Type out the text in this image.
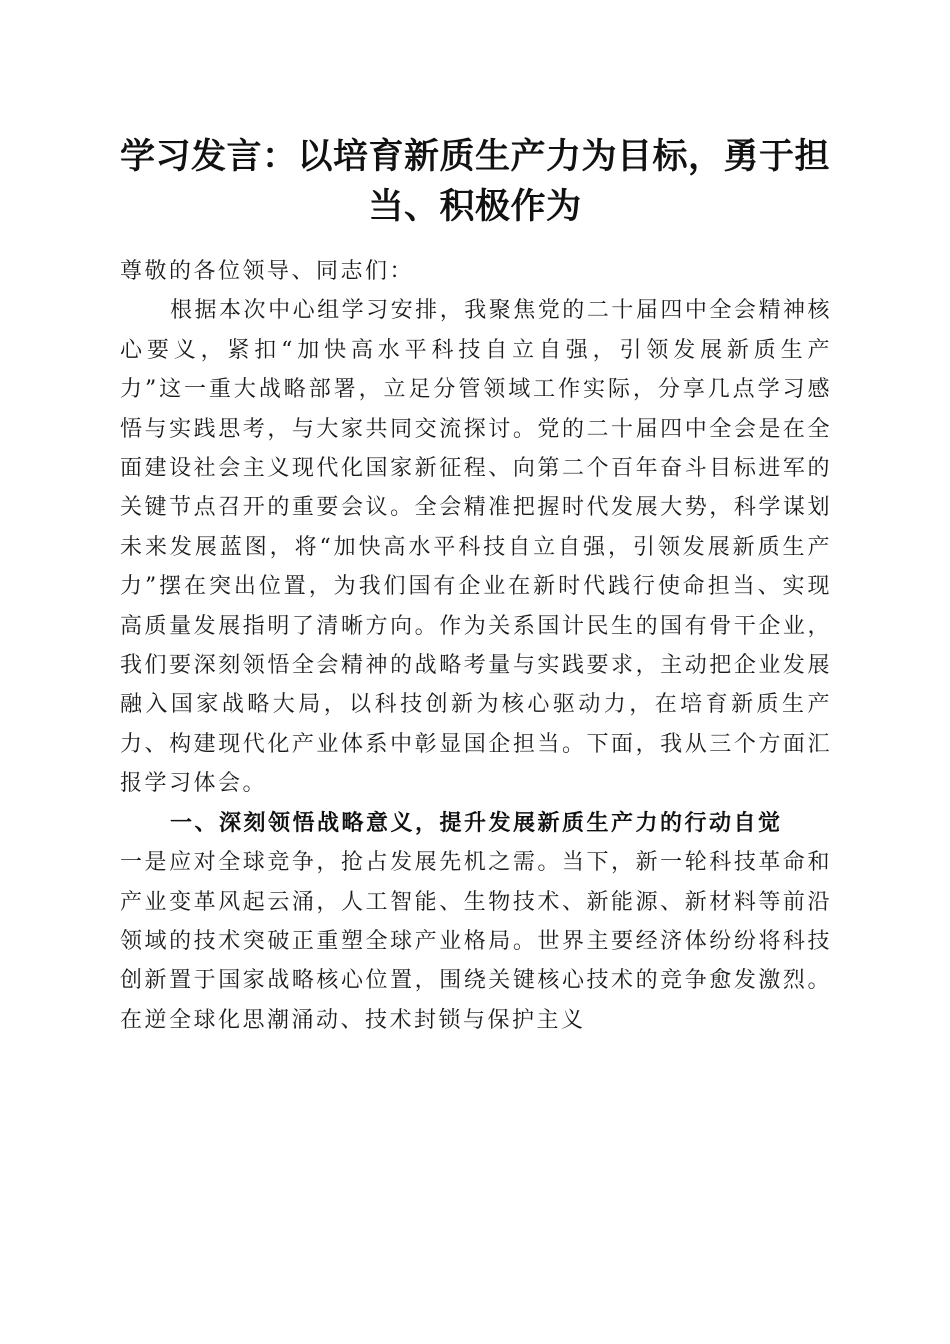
学习发言：以培育新质生产力为目标，勇于担当、积极作为

尊敬的各位领导、同志们：

根据本次中心组学习安排，我聚焦党的二十届四中全会精神核心要义，紧扣“加快高水平科技自立自强，引领发展新质生产力”这一重大战略部署，立足分管领域工作实际，分享几点学习感悟与实践思考，与大家共同交流探讨。党的二十届四中全会是在全面建设社会主义现代化国家新征程、向第二个百年奋斗目标进军的关键节点召开的重要会议。全会精准把握时代发展大势，科学谋划未来发展蓝图，将“加快高水平科技自立自强，引领发展新质生产力”摆在突出位置，为我们国有企业在新时代践行使命担当、实现高质量发展指明了清晰方向。作为关系国计民生的国有骨干企业，我们要深刻领悟全会精神的战略考量与实践要求，主动把企业发展融入国家战略大局，以科技创新为核心驱动力，在培育新质生产力、构建现代化产业体系中彰显国企担当。下面，我从三个方面汇报学习体会。

一、深刻领悟战略意义，提升发展新质生产力的行动自觉

一是应对全球竞争，抢占发展先机之需。当下，新一轮科技革命和产业变革风起云涌，人工智能、生物技术、新能源、新材料等前沿领域的技术突破正重塑全球产业格局。世界主要经济体纷纷将科技创新置于国家战略核心位置，围绕关键核心技术的竞争愈发激烈。在逆全球化思潮涌动、技术封锁与保护主义
